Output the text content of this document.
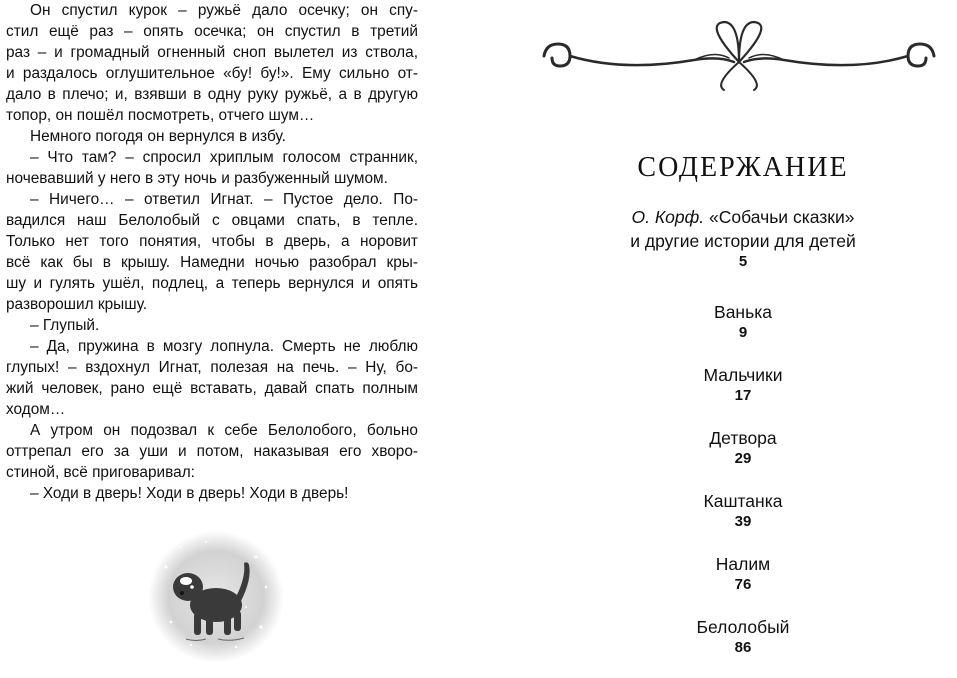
Он спустил курок – ружьё дало осечку; он спу-
стил ещё раз – опять осечка; он спустил в третий
раз – и громадный огненный сноп вылетел из ствола,
и раздалось оглушительное «бу! бу!». Ему сильно от-
дало в плечо; и, взявши в одну руку ружьё, а в другую
топор, он пошёл посмотреть, отчего шум…
Немного погодя он вернулся в избу.
– Что там? – спросил хриплым голосом странник,
ночевавший у него в эту ночь и разбуженный шумом.
– Ничего… – ответил Игнат. – Пустое дело. По-
вадился наш Белолобый с овцами спать, в тепле.
Только нет того понятия, чтобы в дверь, а норовит
всё как бы в крышу. Намедни ночью разобрал кры-
шу и гулять ушёл, подлец, а теперь вернулся и опять
разворошил крышу.
– Глупый.
– Да, пружина в мозгу лопнула. Смерть не люблю
глупых! – вздохнул Игнат, полезая на печь. – Ну, бо-
жий человек, рано ещё вставать, давай спать полным
ходом…
А утром он подозвал к себе Белолобого, больно
оттрепал его за уши и потом, наказывая его хворо-
стиной, всё приговаривал:
– Ходи в дверь! Ходи в дверь! Ходи в дверь!
СОДЕРЖАНИЕ
О. Корф. «Собачьи сказки»
и другие истории для детей
5
Ванька
9
Мальчики
17
Детвора
29
Каштанка
39
Налим
76
Белолобый
86
